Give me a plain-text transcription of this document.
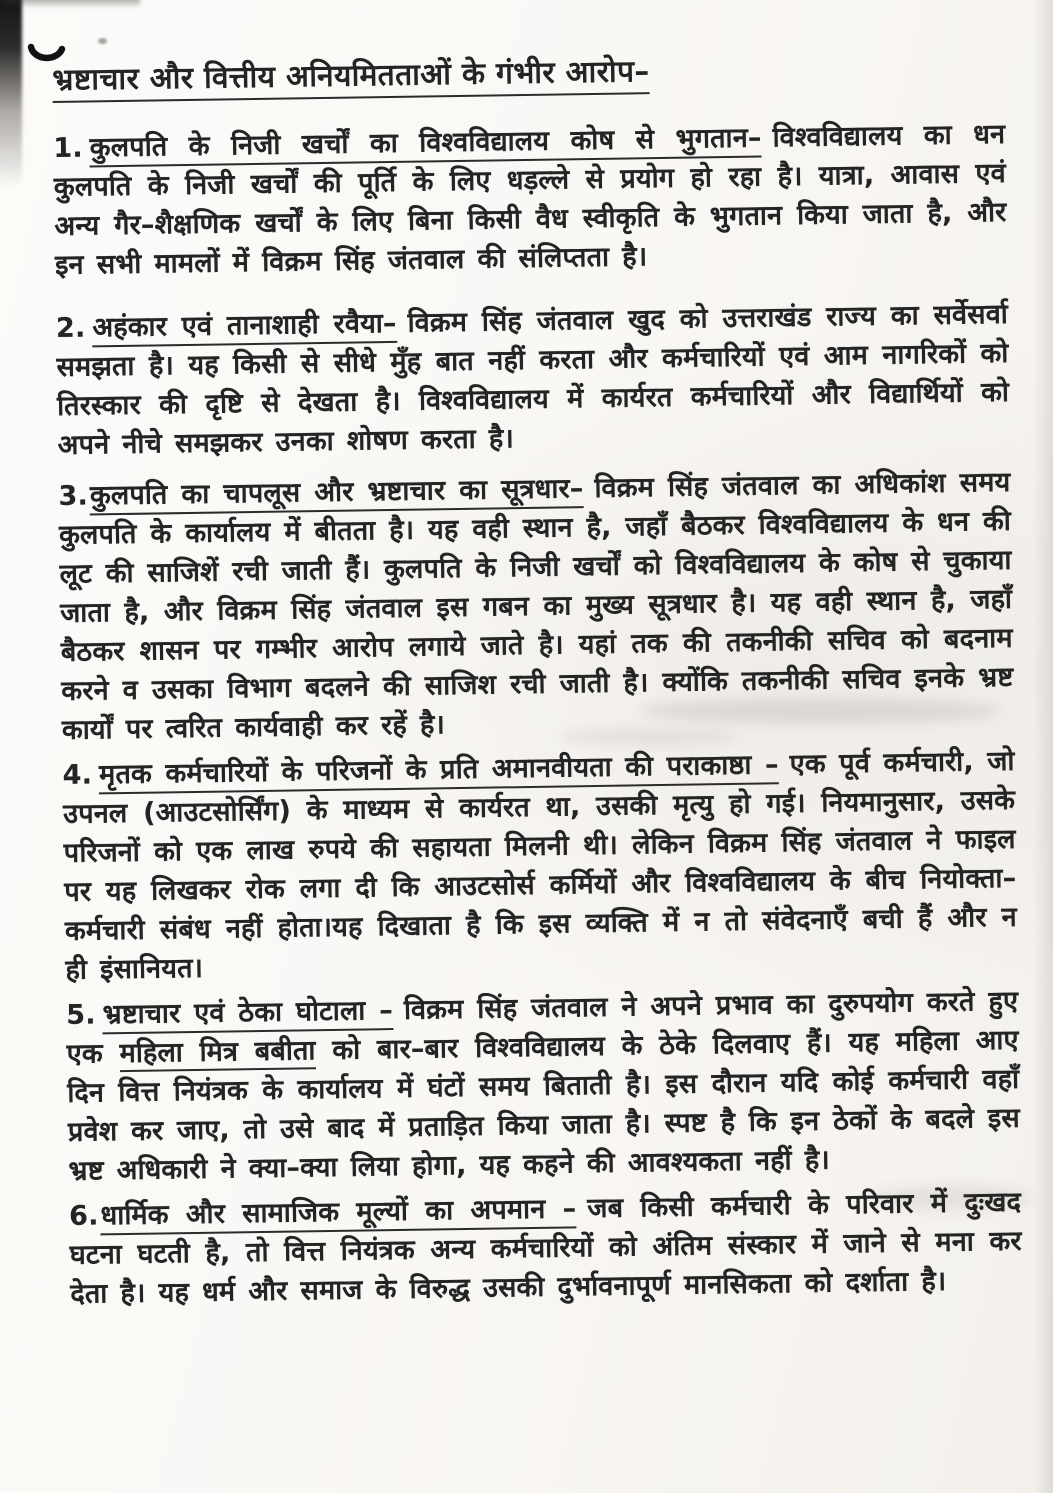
भ्रष्टाचार और वित्तीय अनियमितताओं के गंभीर आरोप–

1. कुलपति के निजी खर्चों का विश्वविद्यालय कोष से भुगतान– विश्वविद्यालय का धन कुलपति के निजी खर्चों की पूर्ति के लिए धड़ल्ले से प्रयोग हो रहा है। यात्रा, आवास एवं अन्य गैर–शैक्षणिक खर्चों के लिए बिना किसी वैध स्वीकृति के भुगतान किया जाता है, और इन सभी मामलों में विक्रम सिंह जंतवाल की संलिप्तता है।

2. अहंकार एवं तानाशाही रवैया– विक्रम सिंह जंतवाल खुद को उत्तराखंड राज्य का सर्वेसर्वा समझता है। यह किसी से सीधे मुँह बात नहीं करता और कर्मचारियों एवं आम नागरिकों को तिरस्कार की दृष्टि से देखता है। विश्वविद्यालय में कार्यरत कर्मचारियों और विद्यार्थियों को अपने नीचे समझकर उनका शोषण करता है।

3.कुलपति का चापलूस और भ्रष्टाचार का सूत्रधार– विक्रम सिंह जंतवाल का अधिकांश समय कुलपति के कार्यालय में बीतता है। यह वही स्थान है, जहाँ बैठकर विश्वविद्यालय के धन की लूट की साजिशें रची जाती हैं। कुलपति के निजी खर्चों को विश्वविद्यालय के कोष से चुकाया जाता है, और विक्रम सिंह जंतवाल इस गबन का मुख्य सूत्रधार है। यह वही स्थान है, जहाँ बैठकर शासन पर गम्भीर आरोप लगाये जाते है। यहां तक की तकनीकी सचिव को बदनाम करने व उसका विभाग बदलने की साजिश रची जाती है। क्योंकि तकनीकी सचिव इनके भ्रष्ट कार्यों पर त्वरित कार्यवाही कर रहें है।

4. मृतक कर्मचारियों के परिजनों के प्रति अमानवीयता की पराकाष्ठा – एक पूर्व कर्मचारी, जो उपनल (आउटसोर्सिंग) के माध्यम से कार्यरत था, उसकी मृत्यु हो गई। नियमानुसार, उसके परिजनों को एक लाख रुपये की सहायता मिलनी थी। लेकिन विक्रम सिंह जंतवाल ने फाइल पर यह लिखकर रोक लगा दी कि आउटसोर्स कर्मियों और विश्वविद्यालय के बीच नियोक्ता–कर्मचारी संबंध नहीं होता।यह दिखाता है कि इस व्यक्ति में न तो संवेदनाएँ बची हैं और न ही इंसानियत।

5. भ्रष्टाचार एवं ठेका घोटाला – विक्रम सिंह जंतवाल ने अपने प्रभाव का दुरुपयोग करते हुए एक महिला मित्र बबीता को बार–बार विश्वविद्यालय के ठेके दिलवाए हैं। यह महिला आए दिन वित्त नियंत्रक के कार्यालय में घंटों समय बिताती है। इस दौरान यदि कोई कर्मचारी वहाँ प्रवेश कर जाए, तो उसे बाद में प्रताड़ित किया जाता है। स्पष्ट है कि इन ठेकों के बदले इस भ्रष्ट अधिकारी ने क्या–क्या लिया होगा, यह कहने की आवश्यकता नहीं है।

6.धार्मिक और सामाजिक मूल्यों का अपमान – जब किसी कर्मचारी के परिवार में दुःखद घटना घटती है, तो वित्त नियंत्रक अन्य कर्मचारियों को अंतिम संस्कार में जाने से मना कर देता है। यह धर्म और समाज के विरुद्ध उसकी दुर्भावनापूर्ण मानसिकता को दर्शाता है।
